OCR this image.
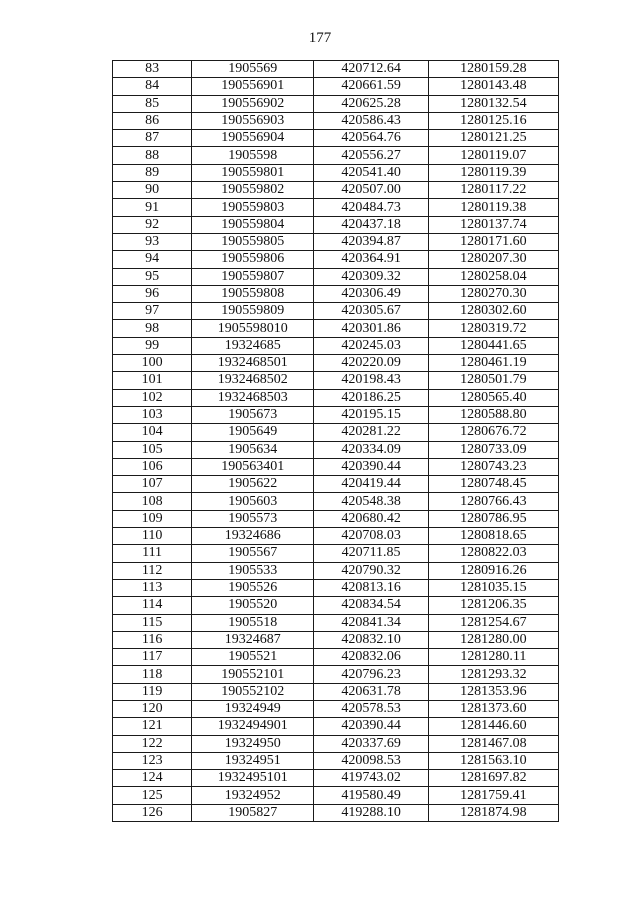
177
83	1905569	420712.64	1280159.28
84	190556901	420661.59	1280143.48
85	190556902	420625.28	1280132.54
86	190556903	420586.43	1280125.16
87	190556904	420564.76	1280121.25
88	1905598	420556.27	1280119.07
89	190559801	420541.40	1280119.39
90	190559802	420507.00	1280117.22
91	190559803	420484.73	1280119.38
92	190559804	420437.18	1280137.74
93	190559805	420394.87	1280171.60
94	190559806	420364.91	1280207.30
95	190559807	420309.32	1280258.04
96	190559808	420306.49	1280270.30
97	190559809	420305.67	1280302.60
98	1905598010	420301.86	1280319.72
99	19324685	420245.03	1280441.65
100	1932468501	420220.09	1280461.19
101	1932468502	420198.43	1280501.79
102	1932468503	420186.25	1280565.40
103	1905673	420195.15	1280588.80
104	1905649	420281.22	1280676.72
105	1905634	420334.09	1280733.09
106	190563401	420390.44	1280743.23
107	1905622	420419.44	1280748.45
108	1905603	420548.38	1280766.43
109	1905573	420680.42	1280786.95
110	19324686	420708.03	1280818.65
111	1905567	420711.85	1280822.03
112	1905533	420790.32	1280916.26
113	1905526	420813.16	1281035.15
114	1905520	420834.54	1281206.35
115	1905518	420841.34	1281254.67
116	19324687	420832.10	1281280.00
117	1905521	420832.06	1281280.11
118	190552101	420796.23	1281293.32
119	190552102	420631.78	1281353.96
120	19324949	420578.53	1281373.60
121	1932494901	420390.44	1281446.60
122	19324950	420337.69	1281467.08
123	19324951	420098.53	1281563.10
124	1932495101	419743.02	1281697.82
125	19324952	419580.49	1281759.41
126	1905827	419288.10	1281874.98
